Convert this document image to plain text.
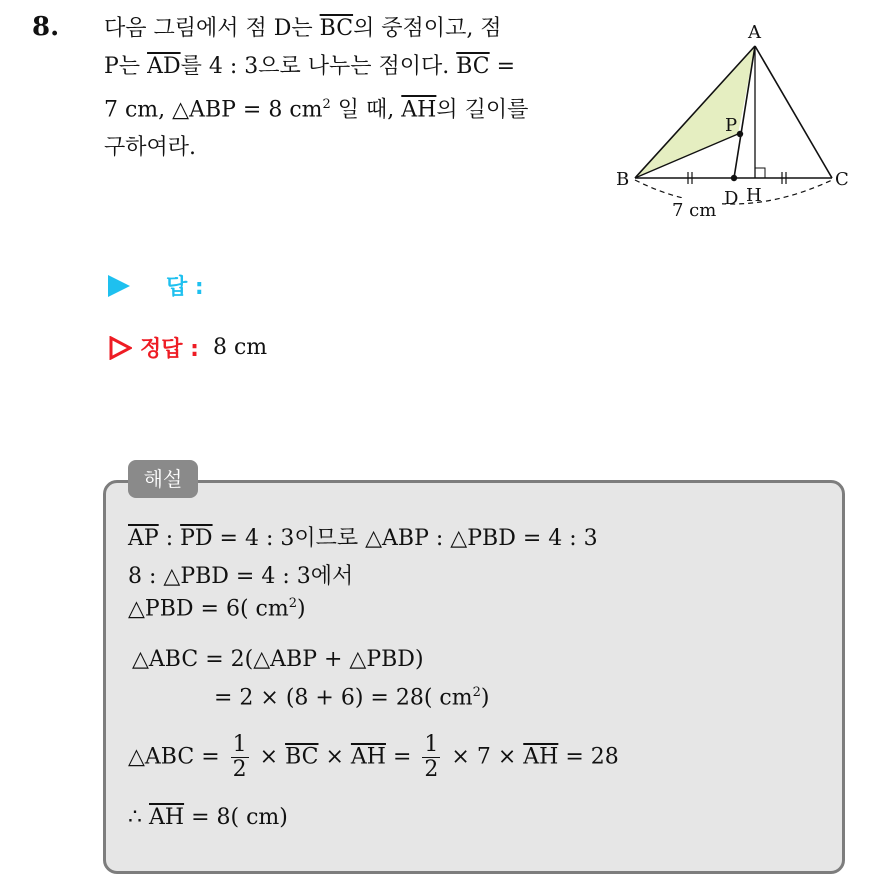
8. 다음 그림에서 점 D는 $\overline{BC}$의 중점이고, 점
P는 $\overline{AD}$를 4 : 3으로 나누는 점이다. $\overline{BC}$ =
7 cm, △ABP = 8 $cm^2$ 일 때, $\overline{AH}$의 길이를
구하여라.
A
B	C
P
D H
7 cm
답 :
정답 : 8 cm
해설
$\overline{AP}$ : $\overline{PD} = 4$ : 3이므로 △ABP : △PBD = 4 : 3
8 : △PBD = 4 : 3에서
△PBD = 6( $cm^2$)
△ABC = 2(△ABP + △PBD)
= 2 × (8 + 6) = 28( $cm^2$)
△ABC = $\frac{1}{2} \times \overline{BC} \times \overline{AH} = \frac{1}{2} \times 7 \times \overline{AH} = 28$
∴ $\overline{AH} = 8$( cm)
